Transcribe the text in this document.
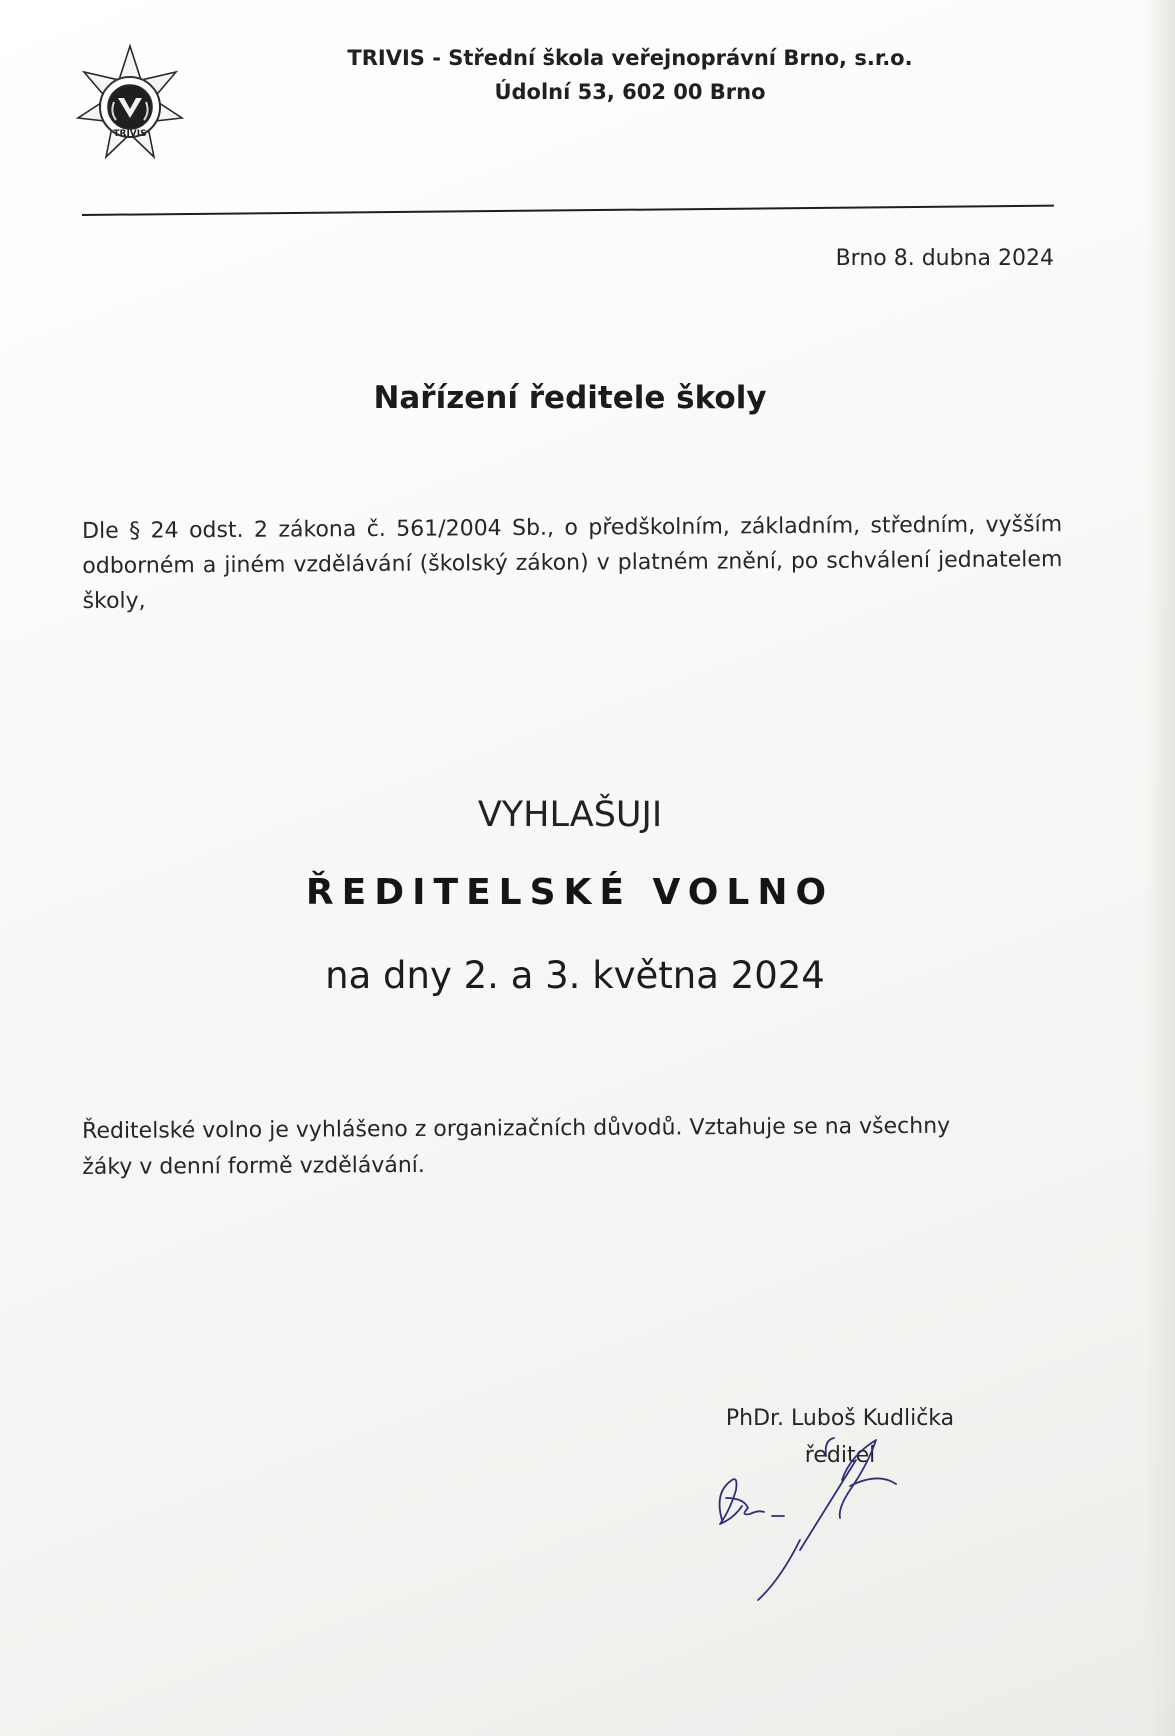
TRIVIS
TRIVIS - Střední škola veřejnoprávní Brno, s.r.o.
Údolní 53, 602 00 Brno
Brno 8. dubna 2024
Nařízení ředitele školy
Dle § 24 odst. 2 zákona č. 561/2004 Sb., o předškolním, základním, středním, vyšším odborném a jiném vzdělávání (školský zákon) v platném znění, po schválení jednatelem školy,
VYHLAŠUJI
ŘEDITELSKÉ VOLNO
na dny 2. a 3. května 2024
Ředitelské volno je vyhlášeno z organizačních důvodů. Vztahuje se na všechny
žáky v denní formě vzdělávání.
PhDr. Luboš Kudlička
ředitel
